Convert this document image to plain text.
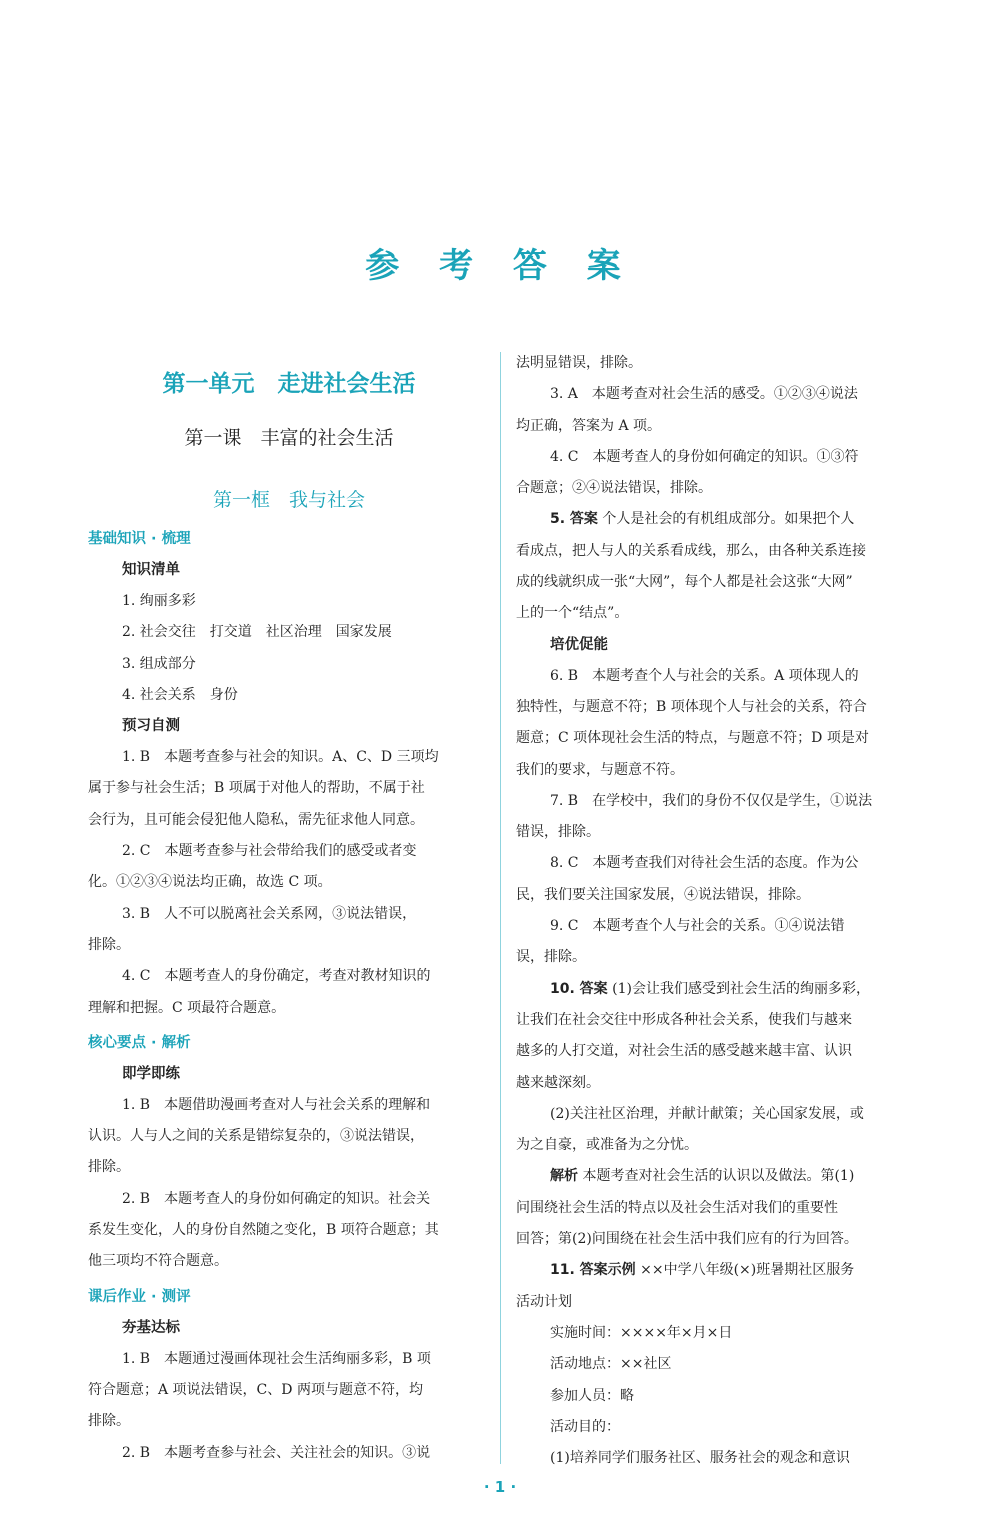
参 考 答 案
第一单元　走进社会生活
第一课　丰富的社会生活
第一框　我与社会
基础知识 · 梳理
知识清单
1. 绚丽多彩
2. 社会交往　打交道　社区治理　国家发展
3. 组成部分
4. 社会关系　身份
预习自测
1. B　本题考查参与社会的知识。A、C、D 三项均
属于参与社会生活；B 项属于对他人的帮助，不属于社
会行为，且可能会侵犯他人隐私，需先征求他人同意。
2. C　本题考查参与社会带给我们的感受或者变
化。①②③④说法均正确，故选 C 项。
3. B　人不可以脱离社会关系网，③说法错误，
排除。
4. C　本题考查人的身份确定，考查对教材知识的
理解和把握。C 项最符合题意。
核心要点 · 解析
即学即练
1. B　本题借助漫画考查对人与社会关系的理解和
认识。人与人之间的关系是错综复杂的，③说法错误，
排除。
2. B　本题考查人的身份如何确定的知识。社会关
系发生变化，人的身份自然随之变化，B 项符合题意；其
他三项均不符合题意。
课后作业 · 测评
夯基达标
1. B　本题通过漫画体现社会生活绚丽多彩，B 项
符合题意；A 项说法错误，C、D 两项与题意不符，均
排除。
2. B　本题考查参与社会、关注社会的知识。③说
法明显错误，排除。
3. A　本题考查对社会生活的感受。①②③④说法
均正确，答案为 A 项。
4. C　本题考查人的身份如何确定的知识。①③符
合题意；②④说法错误，排除。
5. 答案 个人是社会的有机组成部分。如果把个人
看成点，把人与人的关系看成线，那么，由各种关系连接
成的线就织成一张“大网”，每个人都是社会这张“大网”
上的一个“结点”。
培优促能
6. B　本题考查个人与社会的关系。A 项体现人的
独特性，与题意不符；B 项体现个人与社会的关系，符合
题意；C 项体现社会生活的特点，与题意不符；D 项是对
我们的要求，与题意不符。
7. B　在学校中，我们的身份不仅仅是学生，①说法
错误，排除。
8. C　本题考查我们对待社会生活的态度。作为公
民，我们要关注国家发展，④说法错误，排除。
9. C　本题考查个人与社会的关系。①④说法错
误，排除。
10. 答案 (1)会让我们感受到社会生活的绚丽多彩，
让我们在社会交往中形成各种社会关系，使我们与越来
越多的人打交道，对社会生活的感受越来越丰富、认识
越来越深刻。
(2)关注社区治理，并献计献策；关心国家发展，或
为之自豪，或准备为之分忧。
解析 本题考查对社会生活的认识以及做法。第(1)
问围绕社会生活的特点以及社会生活对我们的重要性
回答；第(2)问围绕在社会生活中我们应有的行为回答。
11. 答案示例 ××中学八年级(×)班暑期社区服务
活动计划
实施时间：××××年×月×日
活动地点：××社区
参加人员：略
活动目的：
(1)培养同学们服务社区、服务社会的观念和意识
· 1 ·
